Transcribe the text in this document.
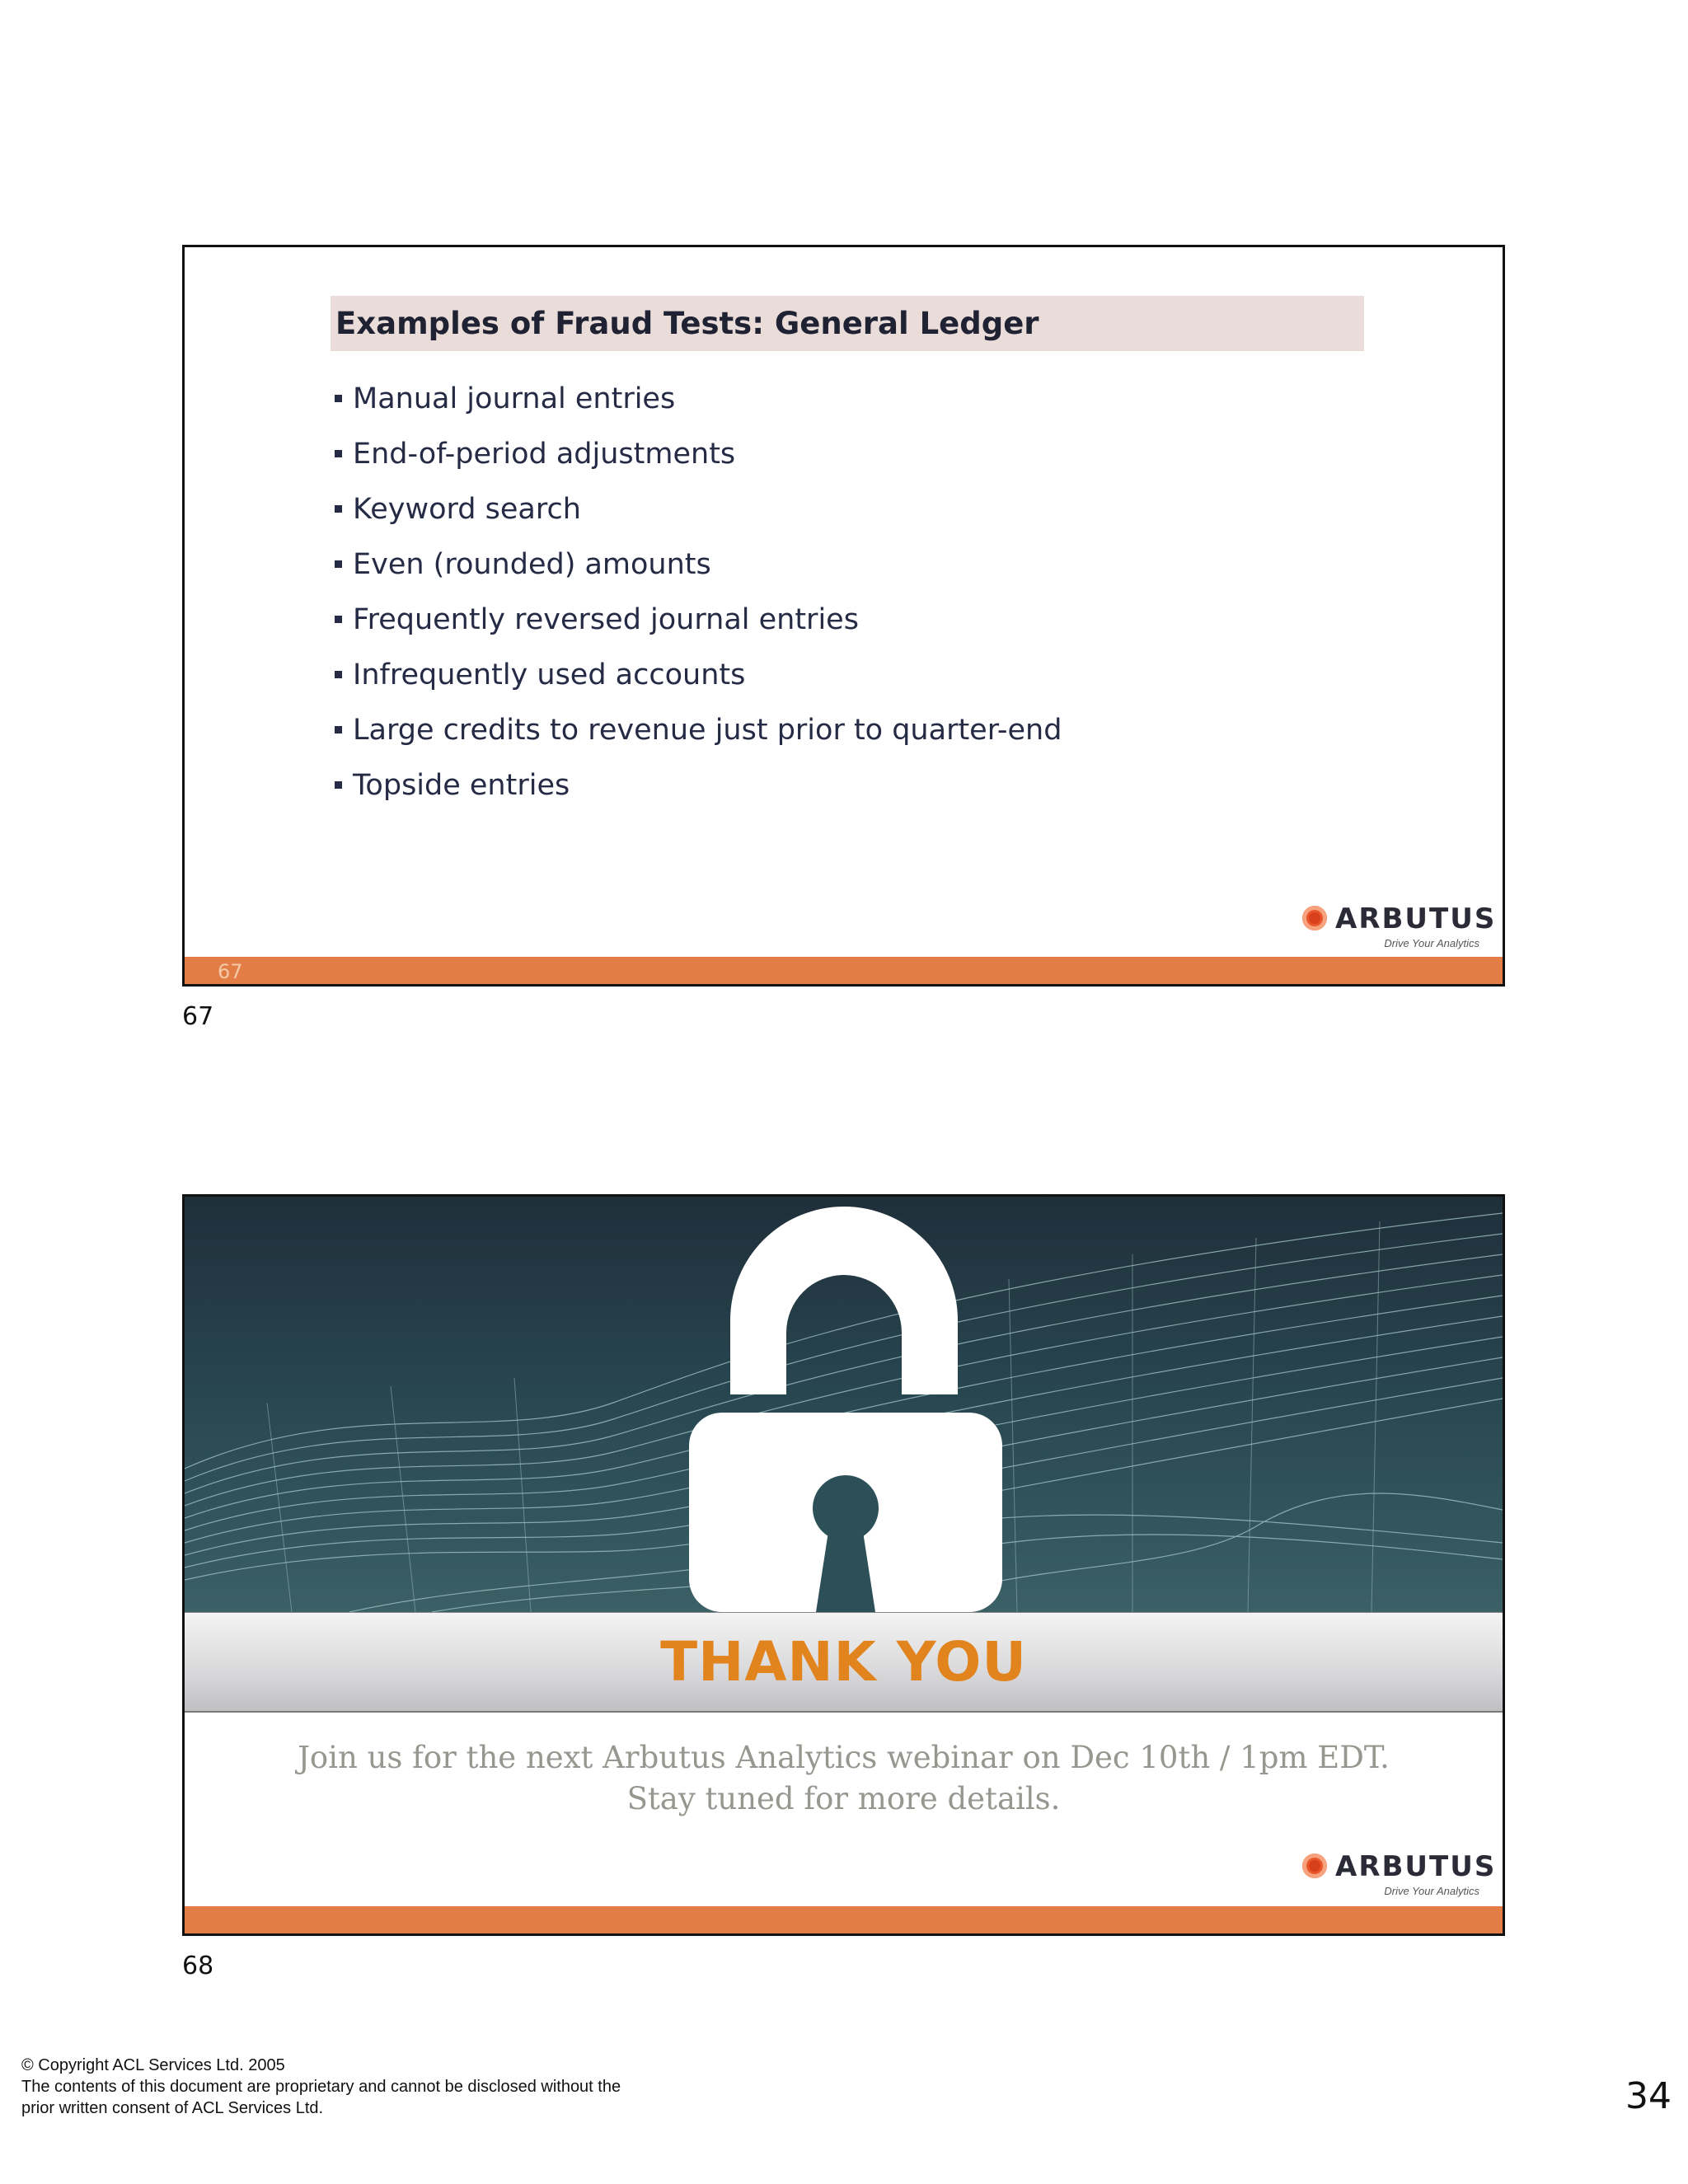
Examples of Fraud Tests: General Ledger
Manual journal entries
End-of-period adjustments
Keyword search
Even (rounded) amounts
Frequently reversed journal entries
Infrequently used accounts
Large credits to revenue just prior to quarter-end
Topside entries
ARBUTUS
Drive Your Analytics
67
67
THANK YOU
Join us for the next Arbutus Analytics webinar on Dec 10th / 1pm EDT.
Stay tuned for more details.
ARBUTUS
Drive Your Analytics
68
© Copyright ACL Services Ltd. 2005
The contents of this document are proprietary and cannot be disclosed without the
prior written consent of ACL Services Ltd.	34
